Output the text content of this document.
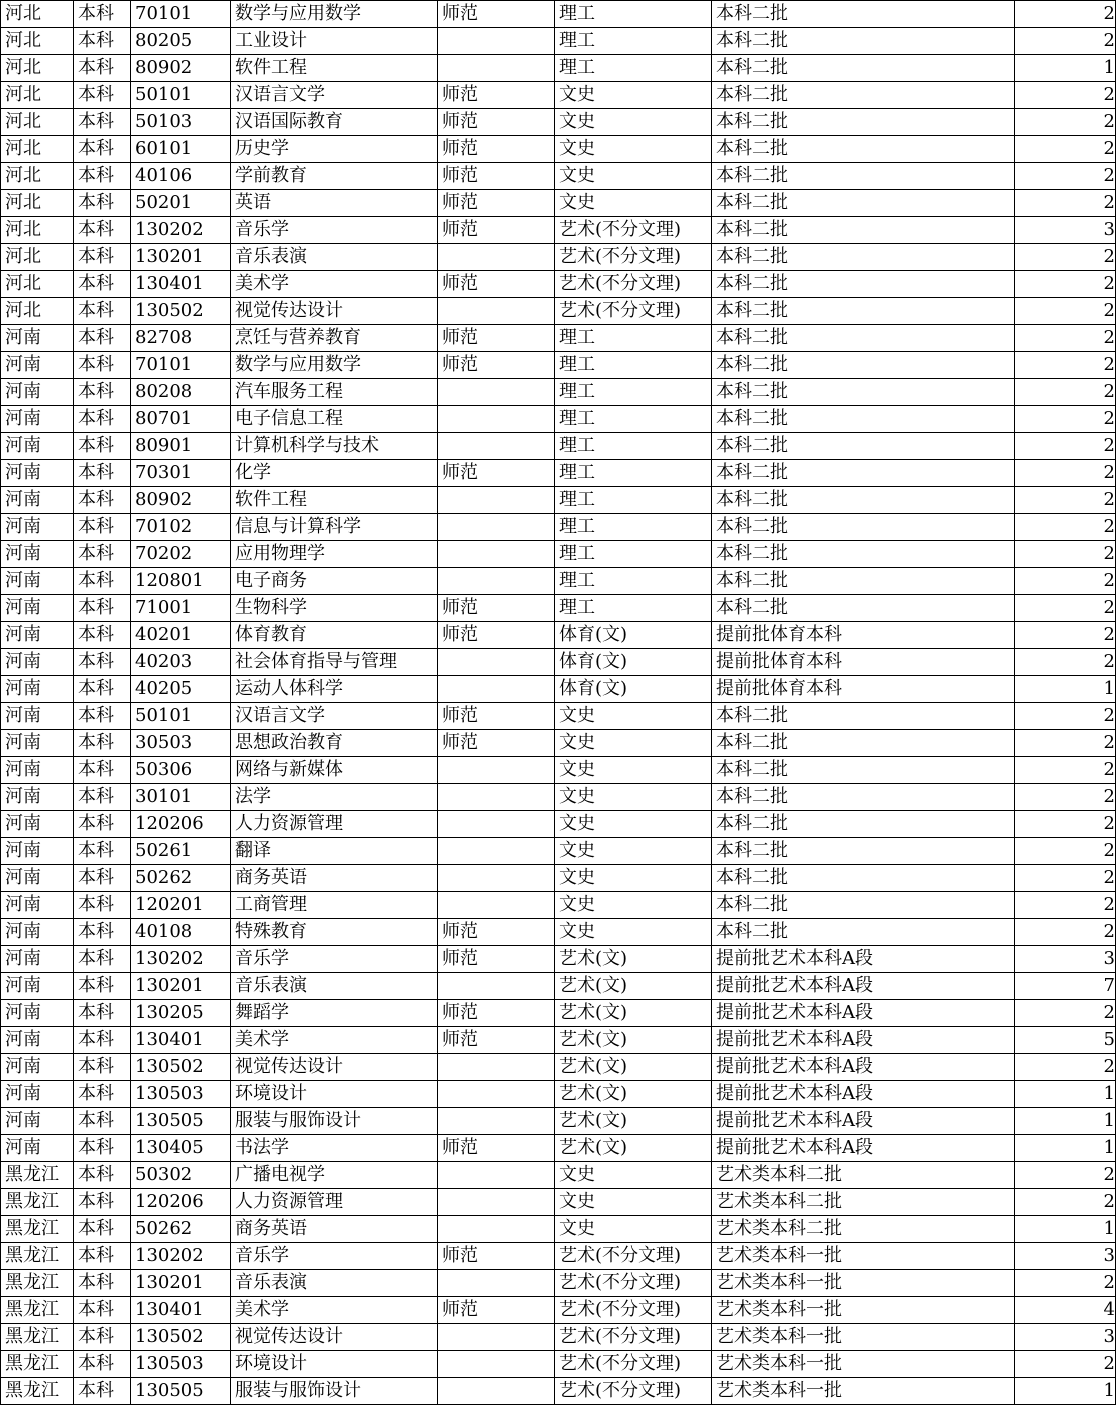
河北	本科	70101	数学与应用数学	师范	理工	本科二批	2
河北	本科	80205	工业设计		理工	本科二批	2
河北	本科	80902	软件工程		理工	本科二批	1
河北	本科	50101	汉语言文学	师范	文史	本科二批	2
河北	本科	50103	汉语国际教育	师范	文史	本科二批	2
河北	本科	60101	历史学	师范	文史	本科二批	2
河北	本科	40106	学前教育	师范	文史	本科二批	2
河北	本科	50201	英语	师范	文史	本科二批	2
河北	本科	130202	音乐学	师范	艺术(不分文理)	本科二批	3
河北	本科	130201	音乐表演		艺术(不分文理)	本科二批	2
河北	本科	130401	美术学	师范	艺术(不分文理)	本科二批	2
河北	本科	130502	视觉传达设计		艺术(不分文理)	本科二批	2
河南	本科	82708	烹饪与营养教育	师范	理工	本科二批	2
河南	本科	70101	数学与应用数学	师范	理工	本科二批	2
河南	本科	80208	汽车服务工程		理工	本科二批	2
河南	本科	80701	电子信息工程		理工	本科二批	2
河南	本科	80901	计算机科学与技术		理工	本科二批	2
河南	本科	70301	化学	师范	理工	本科二批	2
河南	本科	80902	软件工程		理工	本科二批	2
河南	本科	70102	信息与计算科学		理工	本科二批	2
河南	本科	70202	应用物理学		理工	本科二批	2
河南	本科	120801	电子商务		理工	本科二批	2
河南	本科	71001	生物科学	师范	理工	本科二批	2
河南	本科	40201	体育教育	师范	体育(文)	提前批体育本科	2
河南	本科	40203	社会体育指导与管理		体育(文)	提前批体育本科	2
河南	本科	40205	运动人体科学		体育(文)	提前批体育本科	1
河南	本科	50101	汉语言文学	师范	文史	本科二批	2
河南	本科	30503	思想政治教育	师范	文史	本科二批	2
河南	本科	50306	网络与新媒体		文史	本科二批	2
河南	本科	30101	法学		文史	本科二批	2
河南	本科	120206	人力资源管理		文史	本科二批	2
河南	本科	50261	翻译		文史	本科二批	2
河南	本科	50262	商务英语		文史	本科二批	2
河南	本科	120201	工商管理		文史	本科二批	2
河南	本科	40108	特殊教育	师范	文史	本科二批	2
河南	本科	130202	音乐学	师范	艺术(文)	提前批艺术本科A段	3
河南	本科	130201	音乐表演		艺术(文)	提前批艺术本科A段	7
河南	本科	130205	舞蹈学	师范	艺术(文)	提前批艺术本科A段	2
河南	本科	130401	美术学	师范	艺术(文)	提前批艺术本科A段	5
河南	本科	130502	视觉传达设计		艺术(文)	提前批艺术本科A段	2
河南	本科	130503	环境设计		艺术(文)	提前批艺术本科A段	1
河南	本科	130505	服装与服饰设计		艺术(文)	提前批艺术本科A段	1
河南	本科	130405	书法学	师范	艺术(文)	提前批艺术本科A段	1
黑龙江	本科	50302	广播电视学		文史	艺术类本科二批	2
黑龙江	本科	120206	人力资源管理		文史	艺术类本科二批	2
黑龙江	本科	50262	商务英语		文史	艺术类本科二批	1
黑龙江	本科	130202	音乐学	师范	艺术(不分文理)	艺术类本科一批	3
黑龙江	本科	130201	音乐表演		艺术(不分文理)	艺术类本科一批	2
黑龙江	本科	130401	美术学	师范	艺术(不分文理)	艺术类本科一批	4
黑龙江	本科	130502	视觉传达设计		艺术(不分文理)	艺术类本科一批	3
黑龙江	本科	130503	环境设计		艺术(不分文理)	艺术类本科一批	2
黑龙江	本科	130505	服装与服饰设计		艺术(不分文理)	艺术类本科一批	1
